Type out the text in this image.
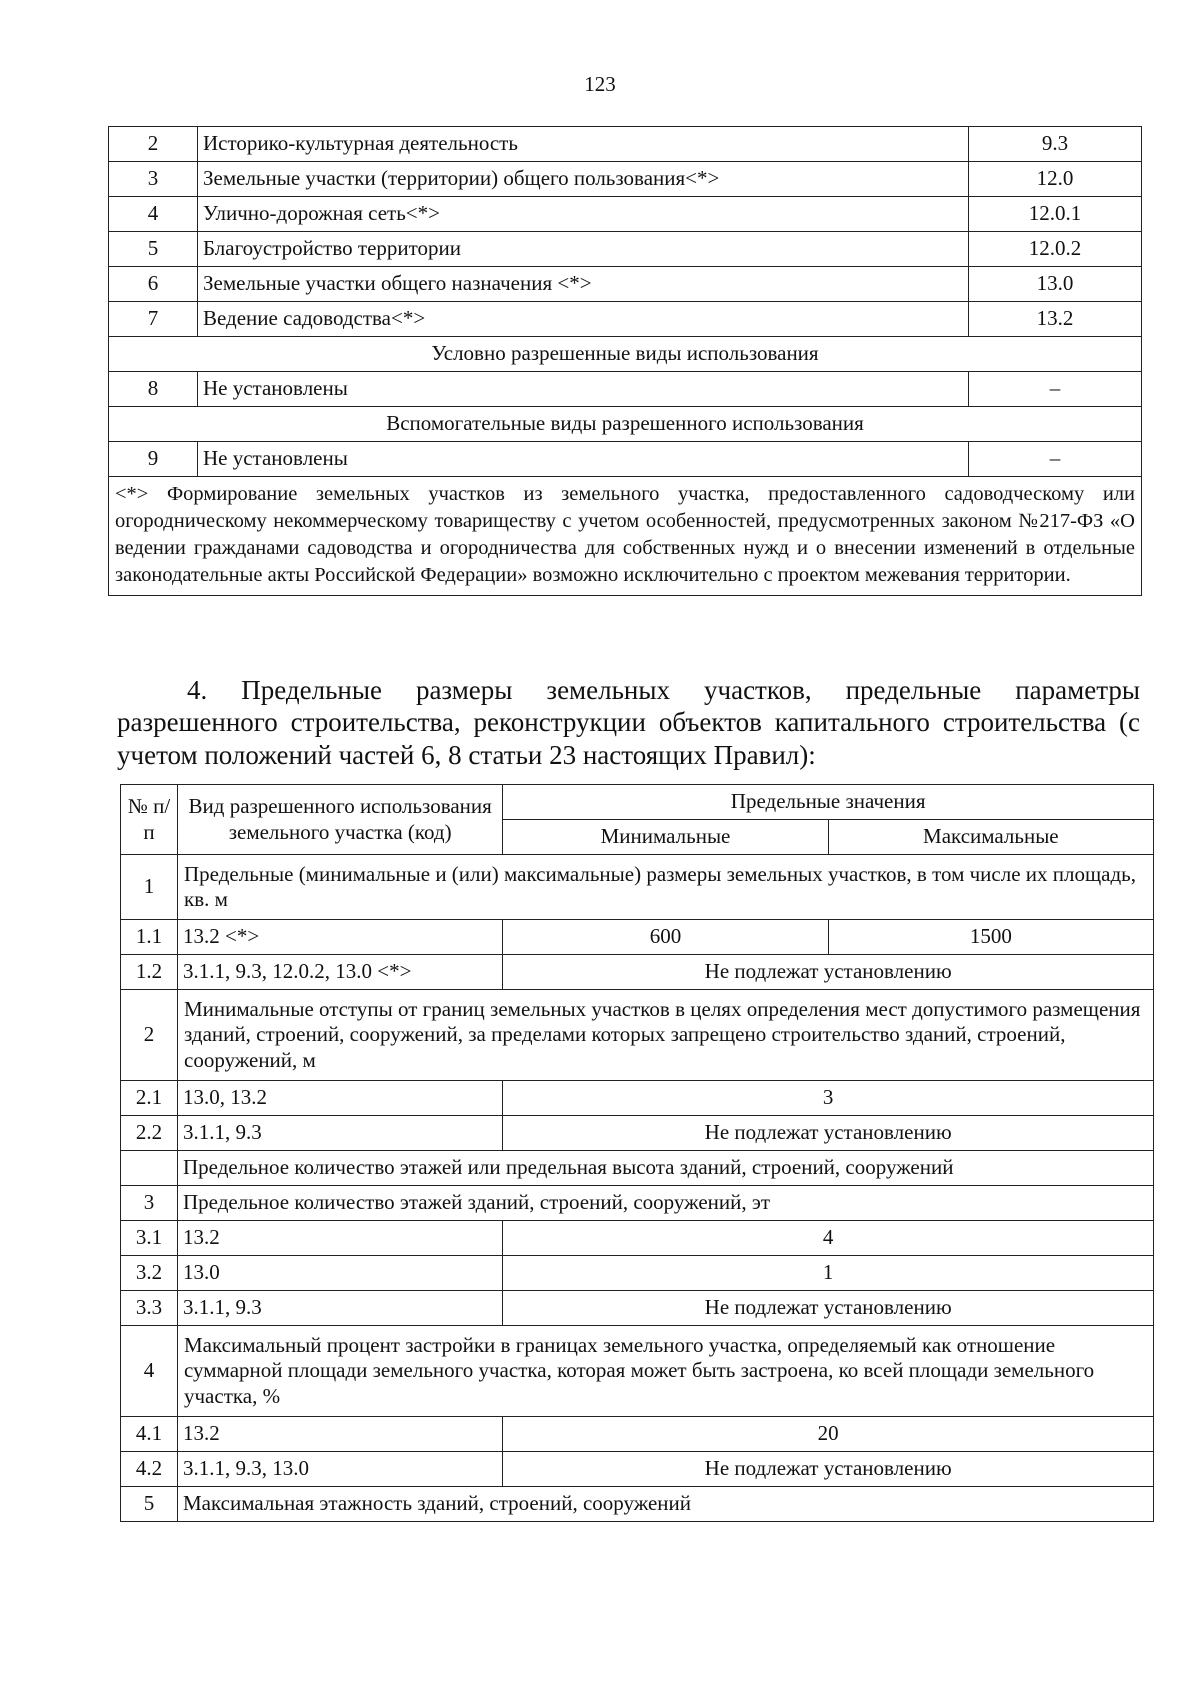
123
2	Историко-культурная деятельность	9.3
3	Земельные участки (территории) общего пользования<*>	12.0
4	Улично-дорожная сеть<*>	12.0.1
5	Благоустройство территории	12.0.2
6	Земельные участки общего назначения <*>	13.0
7	Ведение садоводства<*>	13.2
Условно разрешенные виды использования		
8	Не установлены	–
Вспомогательные виды разрешенного использования		
9	Не установлены	–
<*> Формирование земельных участков из земельного участка, предоставленного садоводческому или огородническому некоммерческому товариществу с учетом особенностей, предусмотренных законом №217-ФЗ «О ведении гражданами садоводства и огородничества для собственных нужд и о внесении изменений в отдельные законодательные акты Российской Федерации» возможно исключительно с проектом межевания территории.		

4. Предельные размеры земельных участков, предельные параметры разрешенного строительства, реконструкции объектов капитального строительства (с учетом положений частей 6, 8 статьи 23 настоящих Правил):

№ п/п	Вид разрешенного использования земельного участка (код)	Предельные значения	
		Минимальные	Максимальные
1	Предельные (минимальные и (или) максимальные) размеры земельных участков, в том числе их площадь, кв. м		
1.1	13.2 <*>	600	1500
1.2	3.1.1, 9.3, 12.0.2, 13.0 <*>	Не подлежат установлению	
2	Минимальные отступы от границ земельных участков в целях определения мест допустимого размещения зданий, строений, сооружений, за пределами которых запрещено строительство зданий, строений, сооружений, м		
2.1	13.0, 13.2	3	
2.2	3.1.1, 9.3	Не подлежат установлению	
	Предельное количество этажей или предельная высота зданий, строений, сооружений		
3	Предельное количество этажей зданий, строений, сооружений, эт		
3.1	13.2	4	
3.2	13.0	1	
3.3	3.1.1, 9.3	Не подлежат установлению	
4	Максимальный процент застройки в границах земельного участка, определяемый как отношение суммарной площади земельного участка, которая может быть застроена, ко всей площади земельного участка, %		
4.1	13.2	20	
4.2	3.1.1, 9.3, 13.0	Не подлежат установлению	
5	Максимальная этажность зданий, строений, сооружений		
